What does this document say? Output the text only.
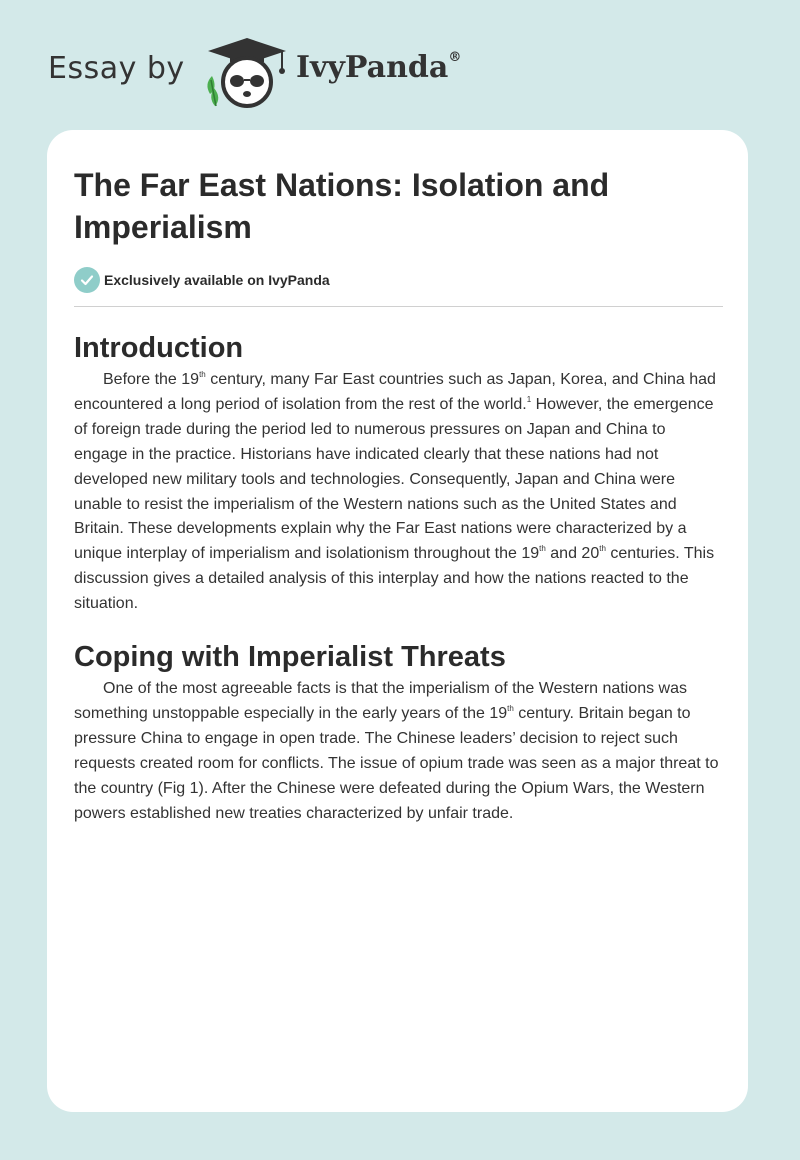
Essay by	IvyPanda®
The Far East Nations: Isolation and Imperialism
Exclusively available on IvyPanda
Introduction

Before the 19th century, many Far East countries such as Japan, Korea, and China had encountered a long period of isolation from the rest of the world.$^1$ However, the emergence of foreign trade during the period led to numerous pressures on Japan and China to engage in the practice. Historians have indicated clearly that these nations had not developed new military tools and technologies. Consequently, Japan and China were unable to resist the imperialism of the Western nations such as the United States and Britain. These developments explain why the Far East nations were characterized by a unique interplay of imperialism and isolationism throughout the 19th and 20th centuries. This discussion gives a detailed analysis of this interplay and how the nations reacted to the situation.

Coping with Imperialist Threats

One of the most agreeable facts is that the imperialism of the Western nations was something unstoppable especially in the early years of the 19th century. Britain began to pressure China to engage in open trade. The Chinese leaders’ decision to reject such requests created room for conflicts. The issue of opium trade was seen as a major threat to the country (Fig 1). After the Chinese were defeated during the Opium Wars, the Western powers established new treaties characterized by unfair trade.
